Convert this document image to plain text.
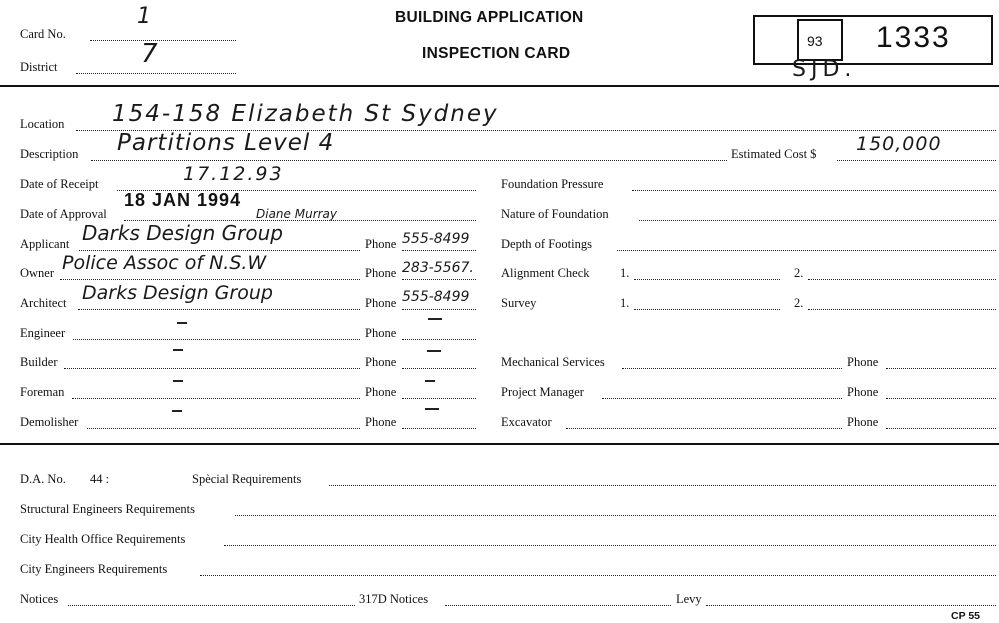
Card No.
1
District	7
BUILDING APPLICATION
INSPECTION CARD
93 1333
SJD.
Location 154-158 Elizabeth St Sydney
Description Partitions Level 4	Estimated Cost $ 150,000
Date of Receipt	17.12.93
Date of Approval
18 JAN 1994
Diane Murray
Applicant Darks Design Group	Phone 555-8499
Owner Police Assoc of N.S.W	Phone 283-5567.
Architect Darks Design Group	Phone 555-8499
Engineer	Phone
Builder	Phone
Foreman	Phone
Demolisher	Phone
Foundation Pressure
Nature of Foundation
Depth of Footings
Alignment Check 1.	2.
Survey	1.	2.
Mechanical Services	Phone
Project Manager	Phone
Excavator	Phone
D.A. No. 44 :	Spècial Requirements
Structural Engineers Requirements
City Health Office Requirements
City Engineers Requirements
Notices	317D Notices	Levy
CP 55
